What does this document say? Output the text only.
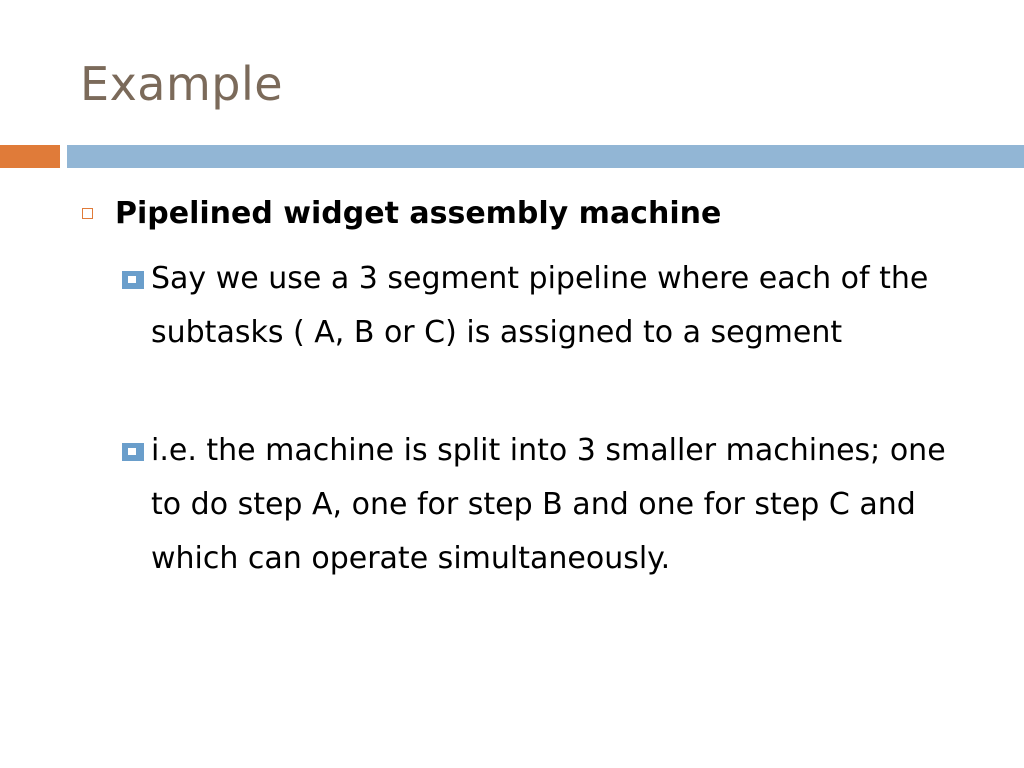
Example
Pipelined widget assembly machine
Say we use a 3 segment pipeline where each of the subtasks ( A, B or C) is assigned to a segment
i.e. the machine is split into 3 smaller machines; one to do step A, one for step B and one for step C and which can operate simultaneously.
